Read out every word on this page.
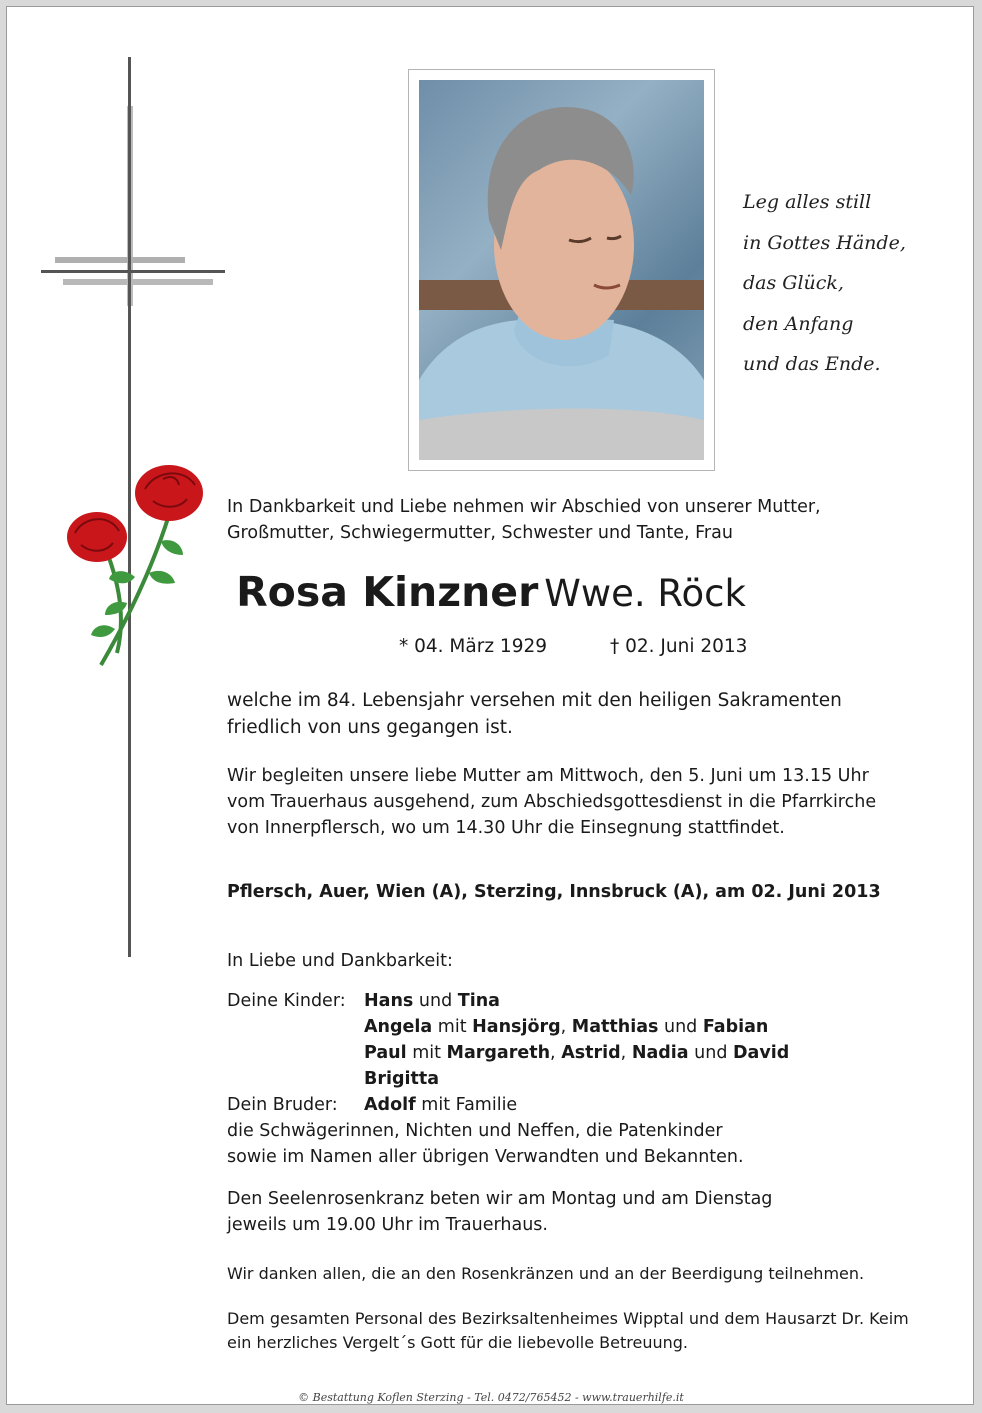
Leg alles still
in Gottes Hände,
das Glück,
den Anfang
und das Ende.
In Dankbarkeit und Liebe nehmen wir Abschied von unserer Mutter,
Großmutter, Schwiegermutter, Schwester und Tante, Frau
Rosa Kinzner Wwe. Röck
* 04. März 1929	† 02. Juni 2013
welche im 84. Lebensjahr versehen mit den heiligen Sakramenten
friedlich von uns gegangen ist.
Wir begleiten unsere liebe Mutter am Mittwoch, den 5. Juni um 13.15 Uhr
vom Trauerhaus ausgehend, zum Abschiedsgottesdienst in die Pfarrkirche
von Innerpflersch, wo um 14.30 Uhr die Einsegnung stattfindet.
Pflersch, Auer, Wien (A), Sterzing, Innsbruck (A), am 02. Juni 2013
In Liebe und Dankbarkeit:
Deine Kinder: Hans und Tina
Angela mit Hansjörg, Matthias und Fabian
Paul mit Margareth, Astrid, Nadia und David
Brigitta
Dein Bruder: Adolf mit Familie
die Schwägerinnen, Nichten und Neffen, die Patenkinder
sowie im Namen aller übrigen Verwandten und Bekannten.
Den Seelenrosenkranz beten wir am Montag und am Dienstag
jeweils um 19.00 Uhr im Trauerhaus.
Wir danken allen, die an den Rosenkränzen und an der Beerdigung teilnehmen.
Dem gesamten Personal des Bezirksaltenheimes Wipptal und dem Hausarzt Dr. Keim
ein herzliches Vergelt´s Gott für die liebevolle Betreuung.
© Bestattung Koflen Sterzing - Tel. 0472/765452 - www.trauerhilfe.it
